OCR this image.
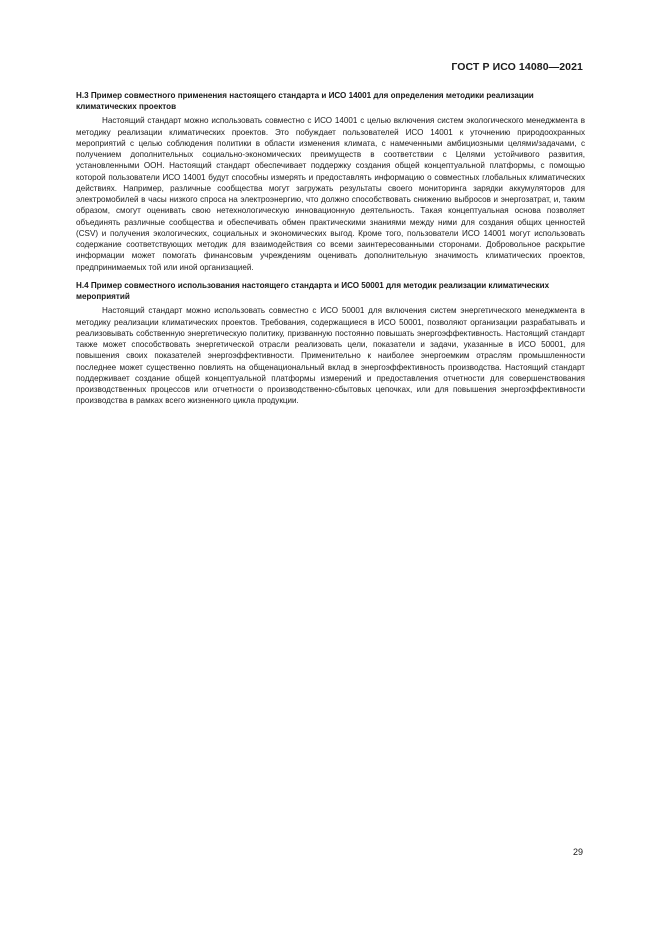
ГОСТ Р ИСО 14080—2021

Н.3 Пример совместного применения настоящего стандарта и ИСО 14001 для определения методики реализации климатических проектов

Настоящий стандарт можно использовать совместно с ИСО 14001 с целью включения систем экологического менеджмента в методику реализации климатических проектов. Это побуждает пользователей ИСО 14001 к уточнению природоохранных мероприятий с целью соблюдения политики в области изменения климата, с намеченными амбициозными целями/задачами, с получением дополнительных социально-экономических преимуществ в соответствии с Целями устойчивого развития, установленными ООН. Настоящий стандарт обеспечивает поддержку создания общей концептуальной платформы, с помощью которой пользователи ИСО 14001 будут способны измерять и предоставлять информацию о совместных глобальных климатических действиях. Например, различные сообщества могут загружать результаты своего мониторинга зарядки аккумуляторов для электромобилей в часы низкого спроса на электроэнергию, что должно способствовать снижению выбросов и энергозатрат, и, таким образом, смогут оценивать свою нетехнологическую инновационную деятельность. Такая концептуальная основа позволяет объединять различные сообщества и обеспечивать обмен практическими знаниями между ними для создания общих ценностей (CSV) и получения экологических, социальных и экономических выгод. Кроме того, пользователи ИСО 14001 могут использовать содержание соответствующих методик для взаимодействия со всеми заинтересованными сторонами. Добровольное раскрытие информации может помогать финансовым учреждениям оценивать дополнительную значимость климатических проектов, предпринимаемых той или иной организацией.

Н.4 Пример совместного использования настоящего стандарта и ИСО 50001 для методик реализации климатических мероприятий

Настоящий стандарт можно использовать совместно с ИСО 50001 для включения систем энергетического менеджмента в методику реализации климатических проектов. Требования, содержащиеся в ИСО 50001, позволяют организации разрабатывать и реализовывать собственную энергетическую политику, призванную постоянно повышать энергоэффективность. Настоящий стандарт также может способствовать энергетической отрасли реализовать цели, показатели и задачи, указанные в ИСО 50001, для повышения своих показателей энергоэффективности. Применительно к наиболее энергоемким отраслям промышленности последнее может существенно повлиять на общенациональный вклад в энергоэффективность производства. Настоящий стандарт поддерживает создание общей концептуальной платформы измерений и предоставления отчетности для совершенствования производственных процессов или отчетности о производственно-сбытовых цепочках, или для повышения энергоэффективности производства в рамках всего жизненного цикла продукции.

29
